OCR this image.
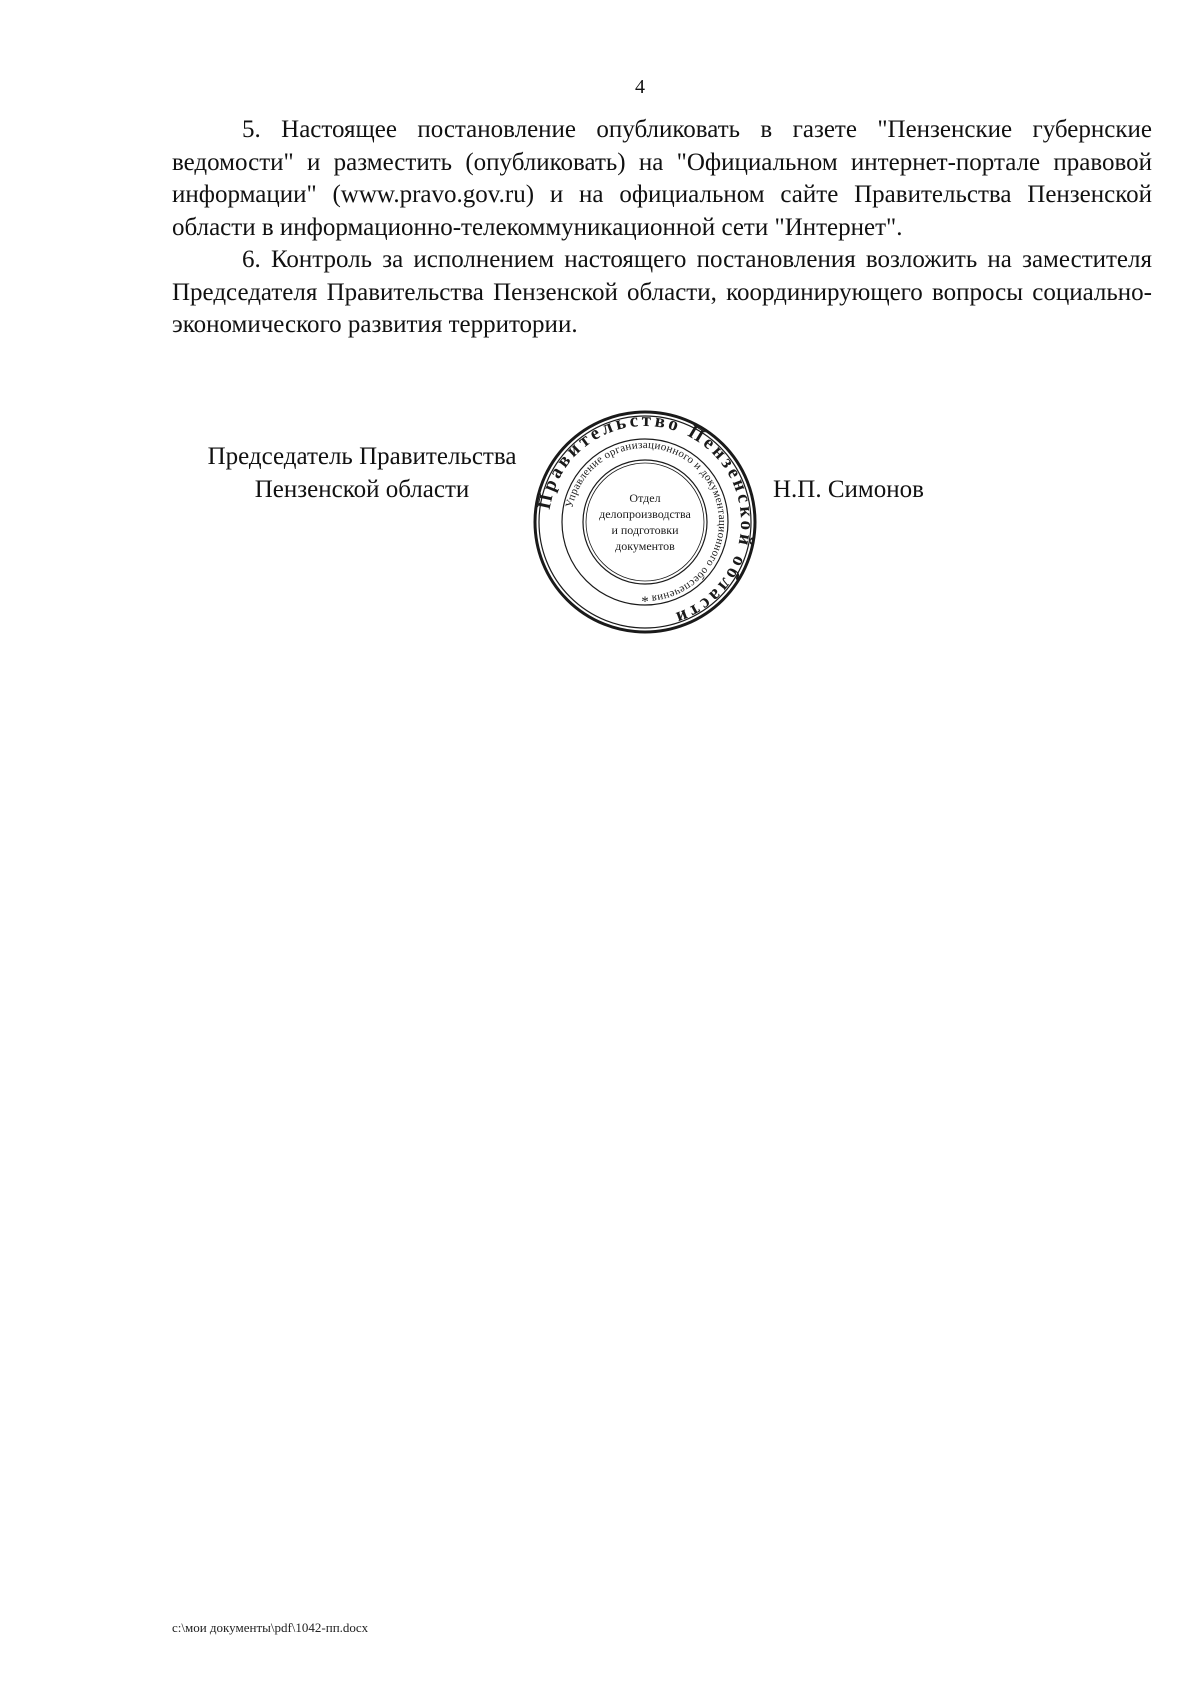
4

5. Настоящее постановление опубликовать в газете "Пензенские губернские ведомости" и разместить (опубликовать) на "Официальном интернет-портале правовой информации" (www.pravo.gov.ru) и на официальном сайте Правительства Пензенской области в информационно-телекоммуникационной сети "Интернет".

6. Контроль за исполнением настоящего постановления возложить на заместителя Председателя Правительства Пензенской области, координирующего вопросы социально-экономического развития территории.

Председатель Правительства
Пензенской области	Правительство Пензенской области
Управление организационного и документационного обеспечения
Отдел
делопроизводства
и подготовки
документов
*
Н.П. Симонов
c:\мои документы\pdf\1042-пп.docx
